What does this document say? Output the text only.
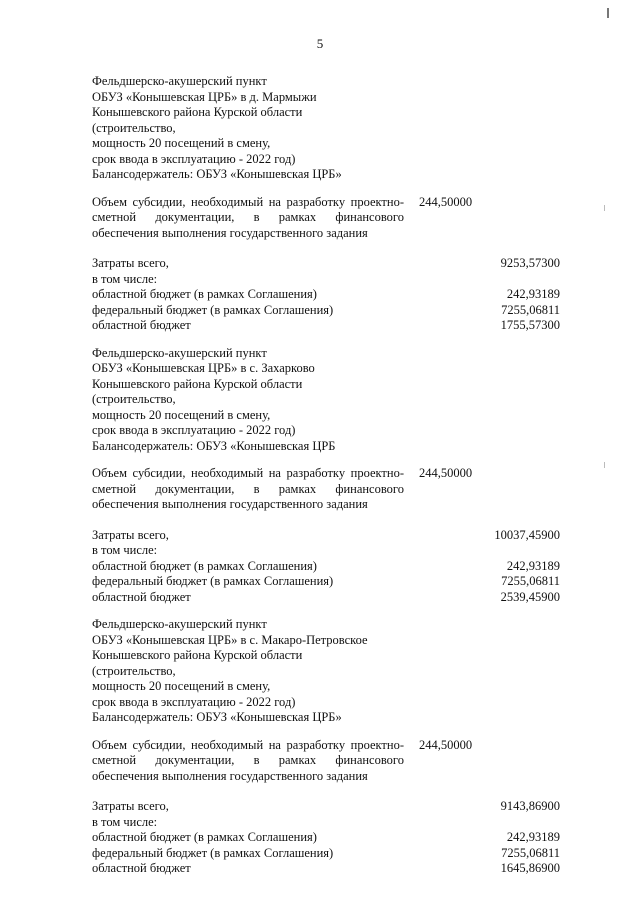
5
Фельдшерско-акушерский пункт
ОБУЗ «Конышевская ЦРБ» в д. Мармыжи
Конышевского района Курской области
(строительство,
мощность 20 посещений в смену,
срок ввода в эксплуатацию - 2022 год)
Балансодержатель: ОБУЗ «Конышевская ЦРБ»
Объем субсидии, необходимый на разработку проектно-
сметной документации, в рамках финансового
обеспечения выполнения государственного задания
244,50000
Затраты всего,	9253,57300
в том числе:
областной бюджет (в рамках Соглашения)	242,93189
федеральный бюджет (в рамках Соглашения)	7255,06811
областной бюджет	1755,57300
Фельдшерско-акушерский пункт
ОБУЗ «Конышевская ЦРБ» в с. Захарково
Конышевского района Курской области
(строительство,
мощность 20 посещений в смену,
срок ввода в эксплуатацию - 2022 год)
Балансодержатель: ОБУЗ «Конышевская ЦРБ
Объем субсидии, необходимый на разработку проектно-
сметной документации, в рамках финансового
обеспечения выполнения государственного задания
244,50000
Затраты всего,	10037,45900
в том числе:
областной бюджет (в рамках Соглашения)	242,93189
федеральный бюджет (в рамках Соглашения)	7255,06811
областной бюджет	2539,45900
Фельдшерско-акушерский пункт
ОБУЗ «Конышевская ЦРБ» в с. Макаро-Петровское
Конышевского района Курской области
(строительство,
мощность 20 посещений в смену,
срок ввода в эксплуатацию - 2022 год)
Балансодержатель: ОБУЗ «Конышевская ЦРБ»
Объем субсидии, необходимый на разработку проектно-
сметной документации, в рамках финансового
обеспечения выполнения государственного задания
244,50000
Затраты всего,	9143,86900
в том числе:
областной бюджет (в рамках Соглашения)	242,93189
федеральный бюджет (в рамках Соглашения)	7255,06811
областной бюджет	1645,86900
